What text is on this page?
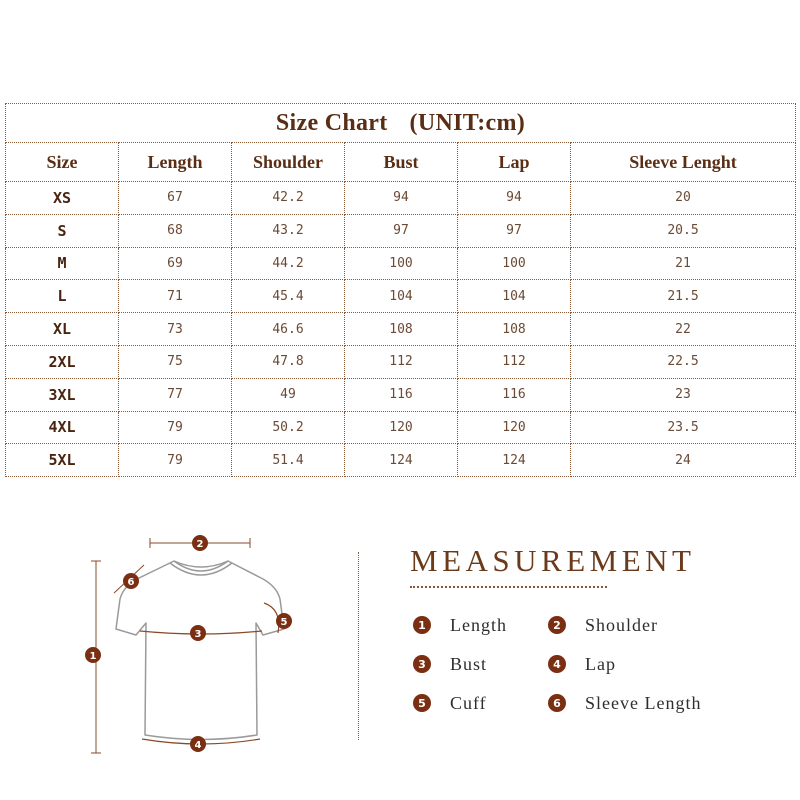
Size Chart (UNIT:cm)					
Size	Length	Shoulder	Bust	Lap	Sleeve Lenght
XS	67	42.2	94	94	20
S	68	43.2	97	97	20.5
M	69	44.2	100	100	21
L	71	45.4	104	104	21.5
XL	73	46.6	108	108	22
2XL	75	47.8	112	112	22.5
3XL	77	49	116	116	23
4XL	79	50.2	120	120	23.5
5XL	79	51.4	124	124	24
1
2
3
4
5
6
MEASUREMENT
1 Length	2 Shoulder
3 Bust	4 Lap
5 Cuff	6 Sleeve Length
